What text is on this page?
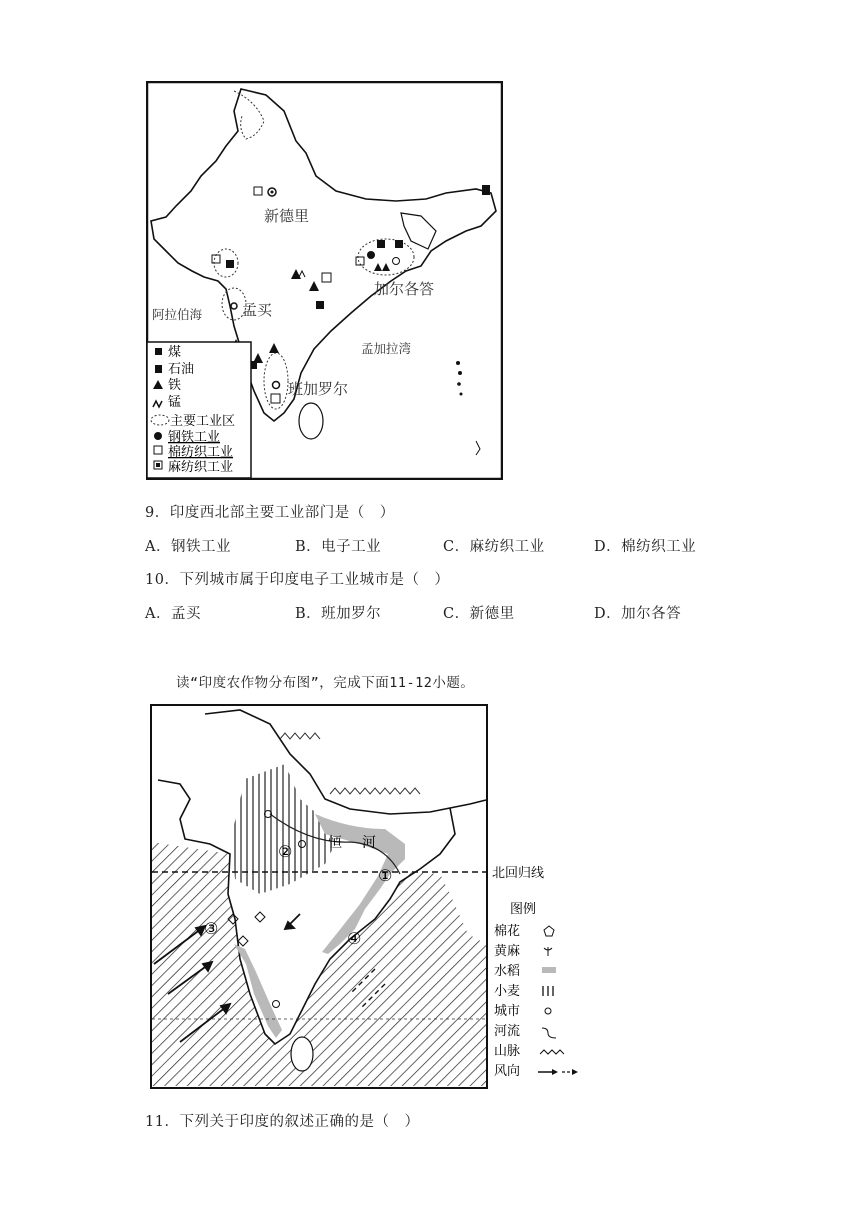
新德里
加尔各答
孟买
班加罗尔
阿拉伯海
孟加拉湾
煤
石油
铁
锰
主要工业区
钢铁工业
棉纺织工业
麻纺织工业
9．印度西北部主要工业部门是（　）
A．钢铁工业	B．电子工业	C．麻纺织工业	D．棉纺织工业
10．下列城市属于印度电子工业城市是（　）
A．孟买	B．班加罗尔	C．新德里	D．加尔各答
读“印度农作物分布图”，完成下面11-12小题。
①
②
③
④
恒 河
北回归线
图例
棉花
黄麻
水稻
小麦
城市
河流
山脉
风向
11．下列关于印度的叙述正确的是（　）
